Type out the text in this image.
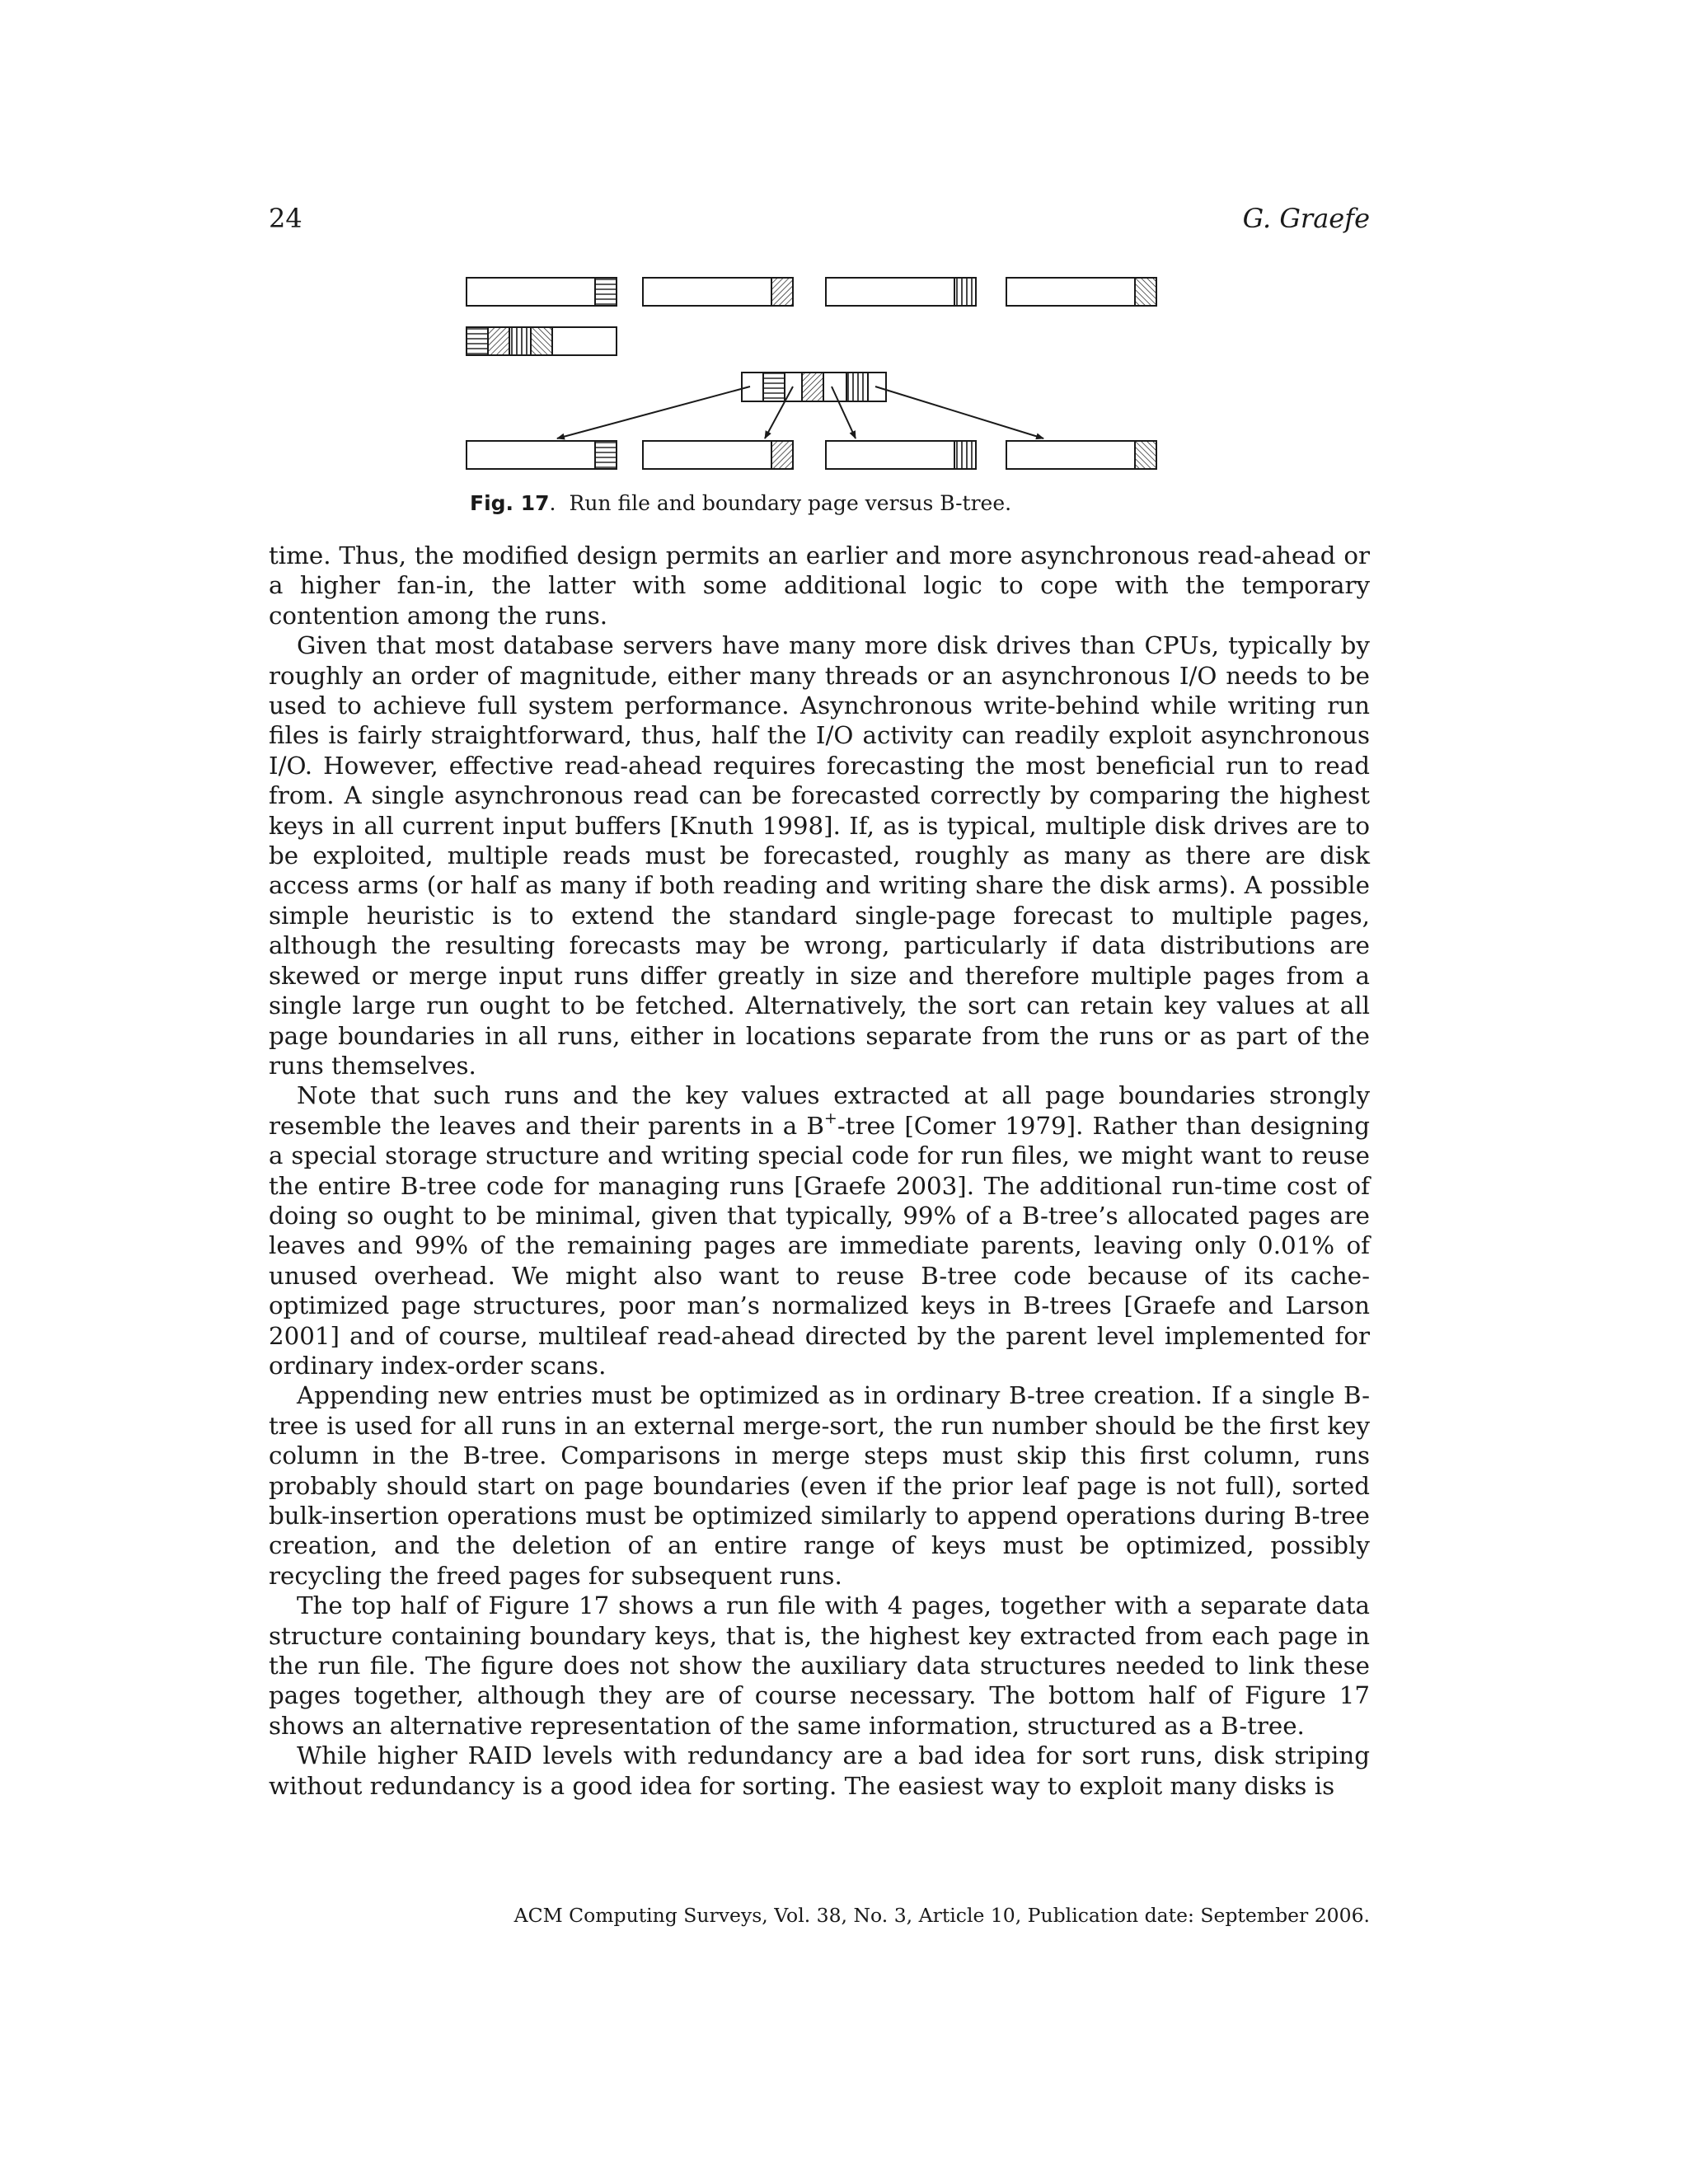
24	G. Graefe
Fig. 17. Run file and boundary page versus B-tree.

time. Thus, the modified design permits an earlier and more asynchronous read-ahead or a higher fan-in, the latter with some additional logic to cope with the temporary contention among the runs.

Given that most database servers have many more disk drives than CPUs, typically by roughly an order of magnitude, either many threads or an asynchronous I/O needs to be used to achieve full system performance. Asynchronous write-behind while writing run files is fairly straightforward, thus, half the I/O activity can readily exploit asynchronous I/O. However, effective read-ahead requires forecasting the most beneficial run to read from. A single asynchronous read can be forecasted correctly by comparing the highest keys in all current input buffers [Knuth 1998]. If, as is typical, multiple disk drives are to be exploited, multiple reads must be forecasted, roughly as many as there are disk access arms (or half as many if both reading and writing share the disk arms). A possible simple heuristic is to extend the standard single-page forecast to multiple pages, although the resulting forecasts may be wrong, particularly if data distributions are skewed or merge input runs differ greatly in size and therefore multiple pages from a single large run ought to be fetched. Alternatively, the sort can retain key values at all page boundaries in all runs, either in locations separate from the runs or as part of the runs themselves.

Note that such runs and the key values extracted at all page boundaries strongly resemble the leaves and their parents in a B+-tree [Comer 1979]. Rather than designing a special storage structure and writing special code for run files, we might want to reuse the entire B-tree code for managing runs [Graefe 2003]. The additional run-time cost of doing so ought to be minimal, given that typically, 99% of a B-tree’s allocated pages are leaves and 99% of the remaining pages are immediate parents, leaving only 0.01% of unused overhead. We might also want to reuse B-tree code because of its cache-optimized page structures, poor man’s normalized keys in B-trees [Graefe and Larson 2001] and of course, multileaf read-ahead directed by the parent level implemented for ordinary index-order scans.

Appending new entries must be optimized as in ordinary B-tree creation. If a single B-tree is used for all runs in an external merge-sort, the run number should be the first key column in the B-tree. Comparisons in merge steps must skip this first column, runs probably should start on page boundaries (even if the prior leaf page is not full), sorted bulk-insertion operations must be optimized similarly to append operations during B-tree creation, and the deletion of an entire range of keys must be optimized, possibly recycling the freed pages for subsequent runs.

The top half of Figure 17 shows a run file with 4 pages, together with a separate data structure containing boundary keys, that is, the highest key extracted from each page in the run file. The figure does not show the auxiliary data structures needed to link these pages together, although they are of course necessary. The bottom half of Figure 17 shows an alternative representation of the same information, structured as a B-tree.

While higher RAID levels with redundancy are a bad idea for sort runs, disk striping without redundancy is a good idea for sorting. The easiest way to exploit many disks is

ACM Computing Surveys, Vol. 38, No. 3, Article 10, Publication date: September 2006.
